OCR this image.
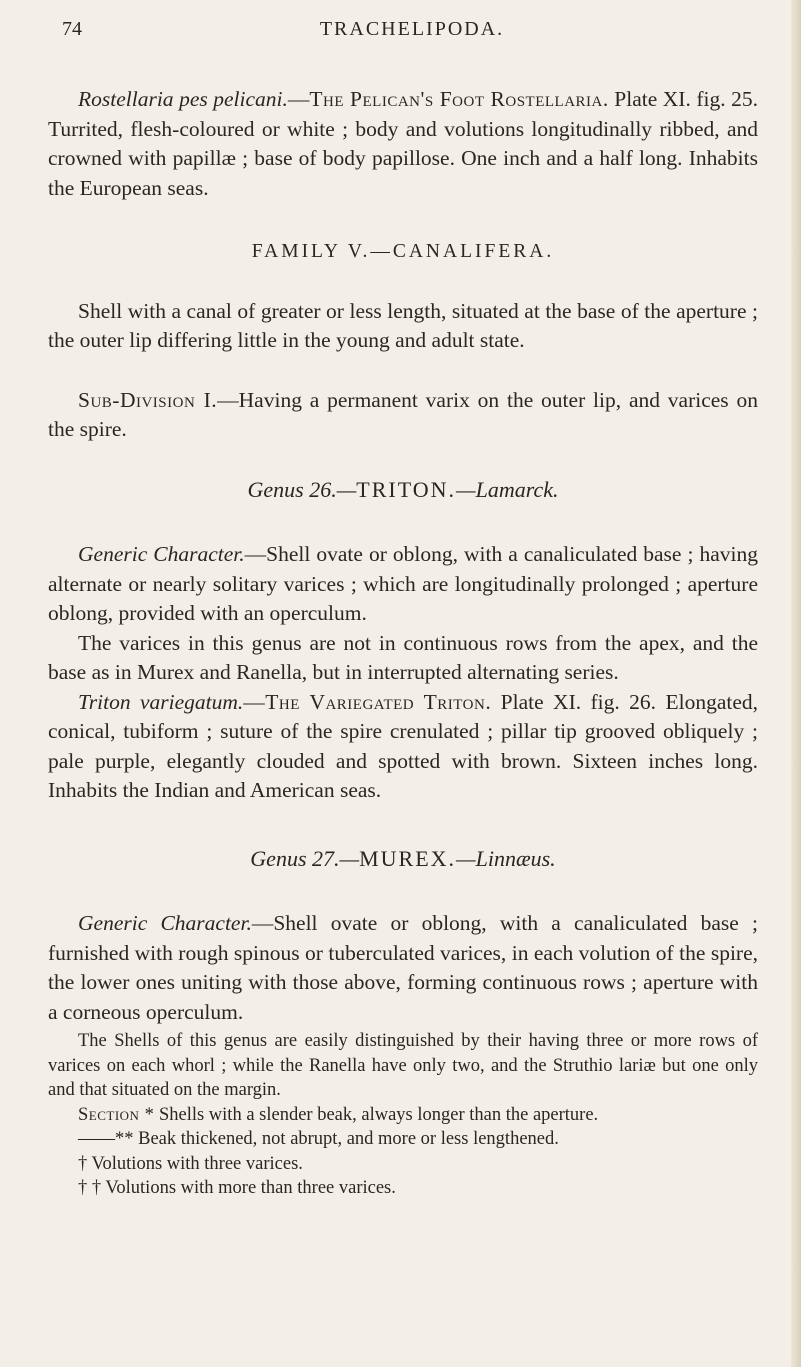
74	TRACHELIPODA.

Rostellaria pes pelicani.—The Pelican's Foot Rostellaria. Plate XI. fig. 25. Turrited, flesh-coloured or white ; body and volutions longitudinally ribbed, and crowned with papillæ ; base of body papillose. One inch and a half long. Inhabits the European seas.

FAMILY V.—CANALIFERA.

Shell with a canal of greater or less length, situated at the base of the aperture ; the outer lip differing little in the young and adult state.

Sub-Division I.—Having a permanent varix on the outer lip, and varices on the spire.

Genus 26.—TRITON.—Lamarck.

Generic Character.—Shell ovate or oblong, with a canaliculated base ; having alternate or nearly solitary varices ; which are longitudinally prolonged ; aperture oblong, provided with an operculum.

The varices in this genus are not in continuous rows from the apex, and the base as in Murex and Ranella, but in interrupted alternating series.

Triton variegatum.—The Variegated Triton. Plate XI. fig. 26. Elongated, conical, tubiform ; suture of the spire crenulated ; pillar tip grooved obliquely ; pale purple, elegantly clouded and spotted with brown. Sixteen inches long. Inhabits the Indian and American seas.

Genus 27.—MUREX.—Linnæus.

Generic Character.—Shell ovate or oblong, with a canaliculated base ; furnished with rough spinous or tuberculated varices, in each volution of the spire, the lower ones uniting with those above, forming continuous rows ; aperture with a corneous operculum.

The Shells of this genus are easily distinguished by their having three or more rows of varices on each whorl ; while the Ranella have only two, and the Struthio lariæ but one only and that situated on the margin.

Section * Shells with a slender beak, always longer than the aperture.

——** Beak thickened, not abrupt, and more or less lengthened.

† Volutions with three varices.

† † Volutions with more than three varices.
